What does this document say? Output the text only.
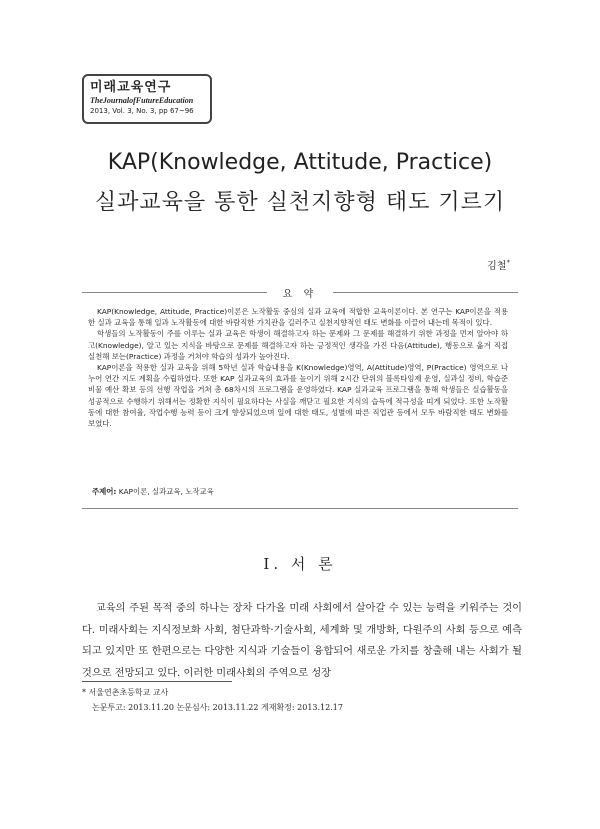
미래교육연구
TheJournalofFutureEducation
2013, Vol. 3, No. 3, pp 67~96
KAP(Knowledge, Attitude, Practice)
실과교육을 통한 실천지향형 태도 기르기
김철*
요 약

KAP(Knowledge, Attitude, Practice)이론은 노작활동 중심의 실과 교육에 적합한 교육이론이다. 본 연구는 KAP이론을 적용한 실과 교육을 통해 일과 노작활동에 대한 바람직한 가치관을 길러주고 실천지향적인 태도 변화를 이끌어 내는데 목적이 있다.

학생들의 노작활동이 주를 이루는 실과 교육은 학생이 해결하고자 하는 문제와 그 문제를 해결하기 위한 과정을 먼저 알아야 하고(Knowledge), 알고 있는 지식을 바탕으로 문제를 해결하고자 하는 긍정적인 생각을 가진 다음(Attitude), 행동으로 옮겨 직접 실천해 보는(Practice) 과정을 거쳐야 학습의 성과가 높아진다.

KAP이론을 적용한 실과 교육을 위해 5학년 실과 학습내용을 K(Knowledge)영역, A(Attitude)영역, P(Practice) 영역으로 나누어 연간 지도 계획을 수립하였다. 또한 KAP 실과교육의 효과를 높이기 위해 2시간 단위의 블록타임제 운영, 실과실 정비, 학습준비물 예산 확보 등의 선행 작업을 거쳐 총 68차시의 프로그램을 운영하였다. KAP 실과교육 프로그램을 통해 학생들은 실습활동을 성공적으로 수행하기 위해서는 정확한 지식이 필요하다는 사실을 깨닫고 필요한 지식의 습득에 적극성을 띠게 되었다. 또한 노작활동에 대한 참여율, 작업수행 능력 등이 크게 향상되었으며 일에 대한 태도, 성별에 따른 직업관 등에서 모두 바람직한 태도 변화를 보였다.

주제어: KAP이론, 실과교육, 노작교육
Ⅰ. 서 론

교육의 주된 목적 중의 하나는 장차 다가올 미래 사회에서 살아갈 수 있는 능력을 키워주는 것이다. 미래사회는 지식정보화 사회, 첨단과학·기술사회, 세계화 및 개방화, 다원주의 사회 등으로 예측되고 있지만 또 한편으로는 다양한 지식과 기술들이 융합되어 새로운 가치를 창출해 내는 사회가 될 것으로 전망되고 있다. 이러한 미래사회의 주역으로 성장

* 서울연촌초등학교 교사
논문투고: 2013.11.20 논문심사: 2013.11.22 게재확정: 2013.12.17
